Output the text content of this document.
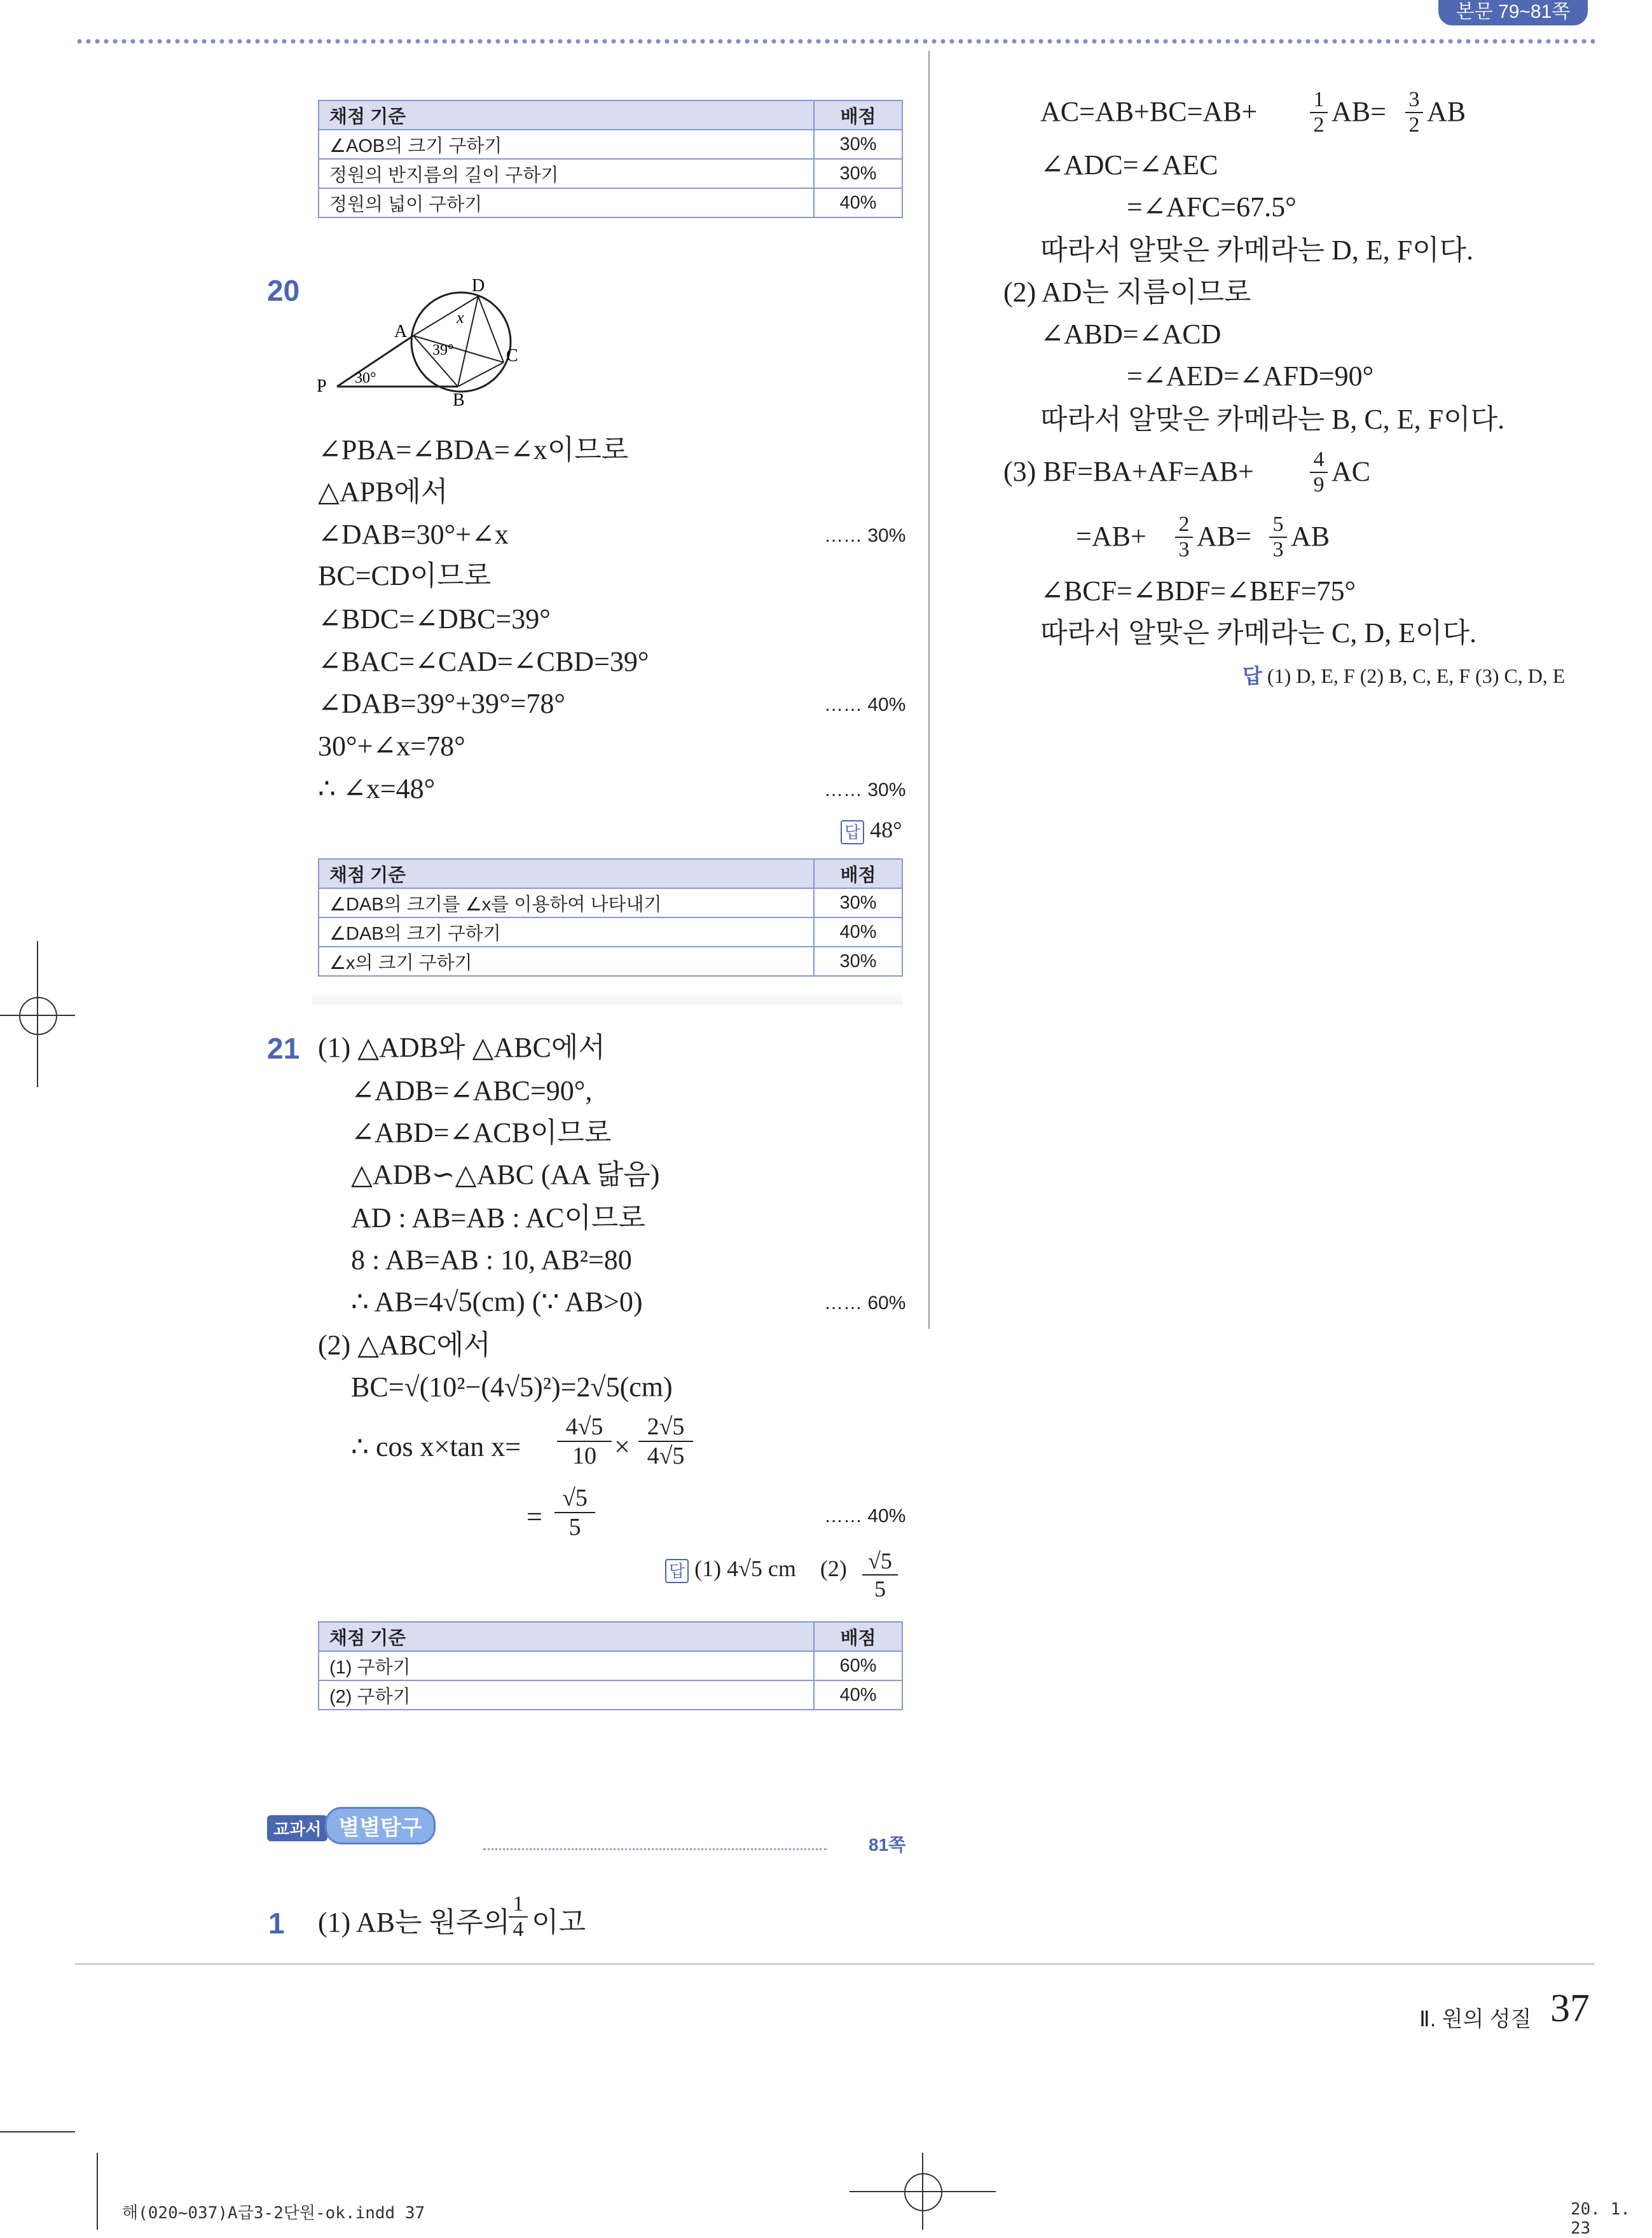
본문 79~81쪽
채점 기준	배점
∠AOB의 크기 구하기	30%
정원의 반지름의 길이 구하기	30%
정원의 넓이 구하기	40%
20	D
x
A
39°	C
P 30°
B
∠PBA=∠BDA=∠x이므로
△APB에서
∠DAB=30°+∠x	…… 30%
BC=CD이므로
∠BDC=∠DBC=39°
∠BAC=∠CAD=∠CBD=39°
∠DAB=39°+39°=78°	…… 40%
30°+∠x=78°
∴ ∠x=48°	…… 30%
답 48°
채점 기준	배점
∠DAB의 크기를 ∠x를 이용하여 나타내기	30%
∠DAB의 크기 구하기	40%
∠x의 크기 구하기	30%
21 (1) △ADB와 △ABC에서
∠ADB=∠ABC=90°,
∠ABD=∠ACB이므로
△ADB∽△ABC (AA 닮음)
AD : AB=AB : AC이므로
8 : AB=AB : 10, AB²=80
∴ AB=4√5(cm) (∵ AB>0)	…… 60%
(2) △ABC에서
BC=√(10²−(4√5)²)=2√5(cm)
∴ cos x×tan x=
4√5
10 ×
2√5
4√5
=
√5
5	…… 40%
답 (1) 4√5 cm (2) √5
5
채점 기준	배점
(1) 구하기	60%
(2) 구하기	40%
교과서 별별탐구
81쪽
1 (1) AB는 원주의
1
4 이고
AC=AB+BC=AB+	1
2 AB= 3
2 AB
∠ADC=∠AEC
=∠AFC=67.5°
따라서 알맞은 카메라는 D, E, F이다.
(2) AD는 지름이므로
∠ABD=∠ACD
=∠AED=∠AFD=90°
따라서 알맞은 카메라는 B, C, E, F이다.
(3) BF=BA+AF=AB+	4
9 AC
=AB+ 2
3 AB= 5
3 AB
∠BCF=∠BDF=∠BEF=75°
따라서 알맞은 카메라는 C, D, E이다.
답 (1) D, E, F (2) B, C, E, F (3) C, D, E
Ⅱ. 원의 성질 37
해(020~037)A급3-2단원-ok.indd 37	20. 1. 23
